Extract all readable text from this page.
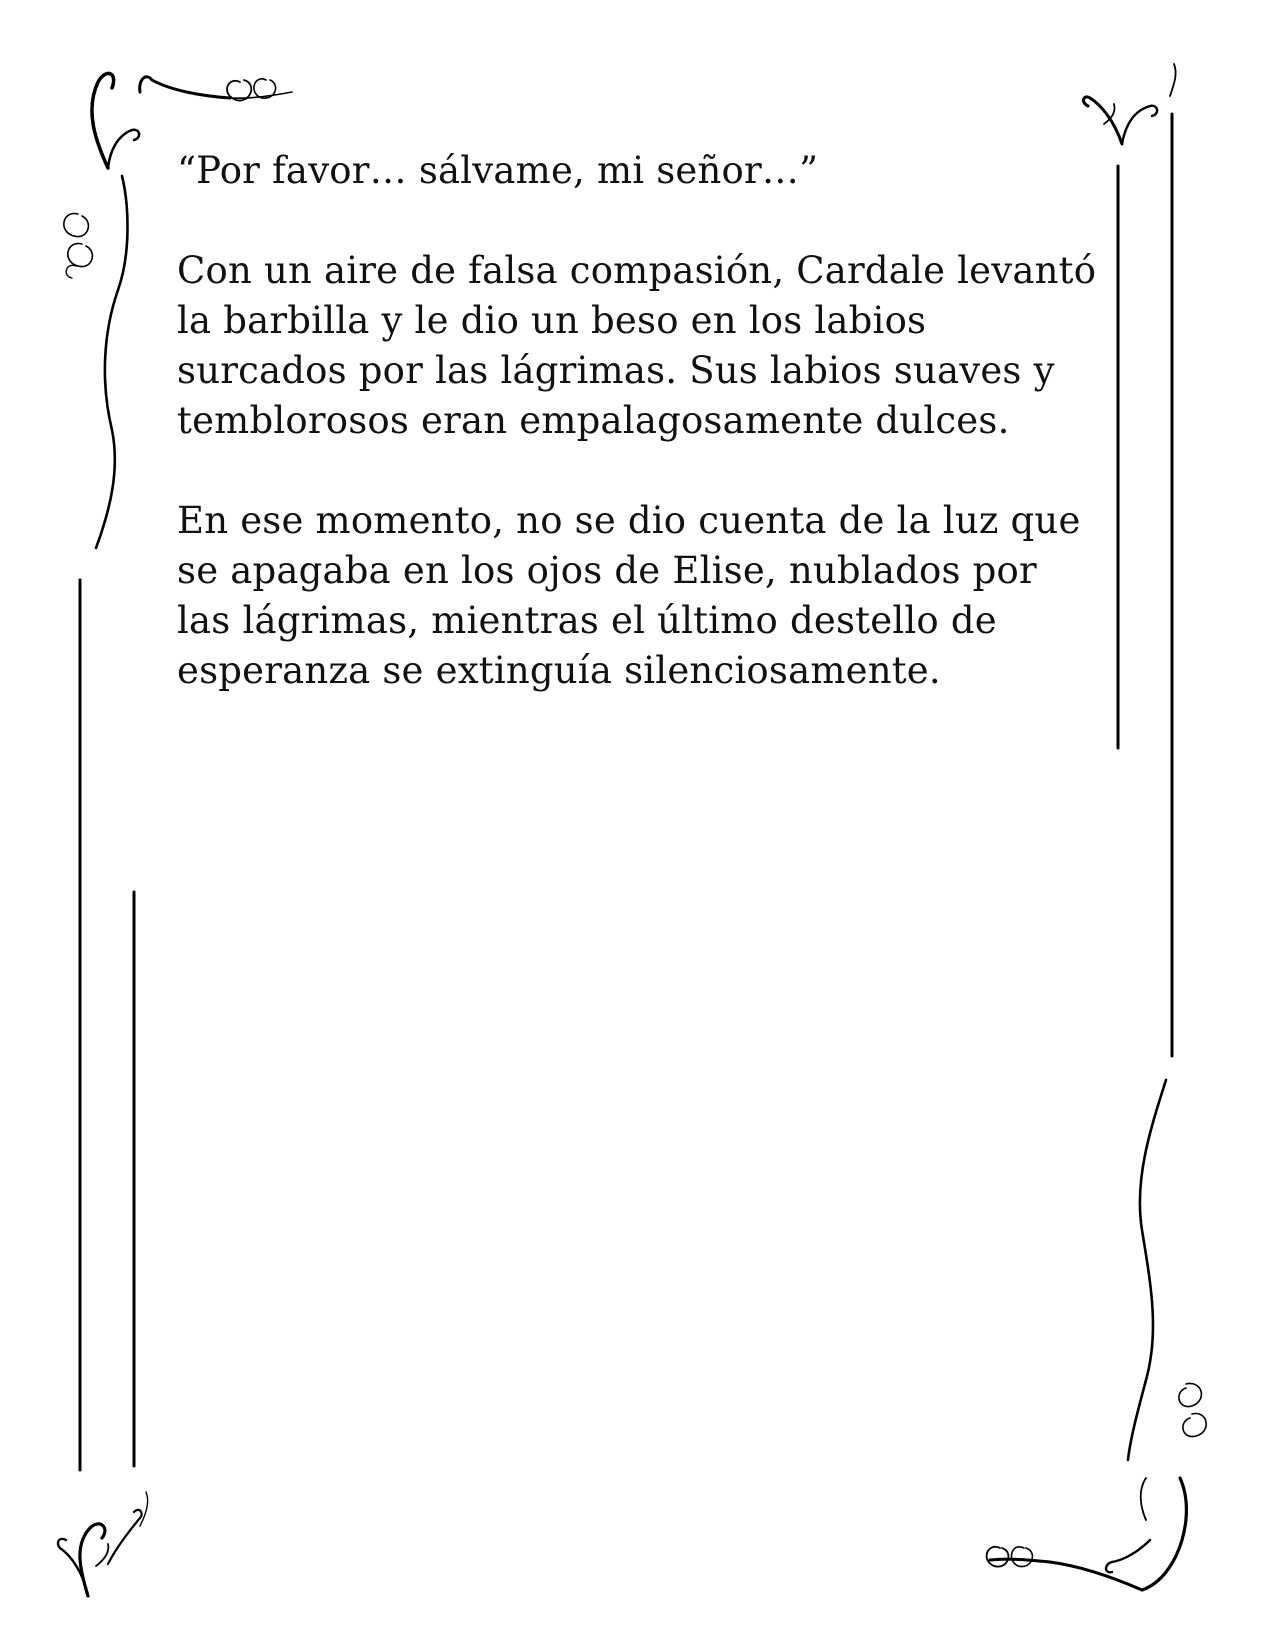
“Por favor… sálvame, mi señor…”

Con un aire de falsa compasión, Cardale levantó la barbilla y le dio un beso en los labios surcados por las lágrimas. Sus labios suaves y temblorosos eran empalagosamente dulces.

En ese momento, no se dio cuenta de la luz que se apagaba en los ojos de Elise, nublados por las lágrimas, mientras el último destello de esperanza se extinguía silenciosamente.
